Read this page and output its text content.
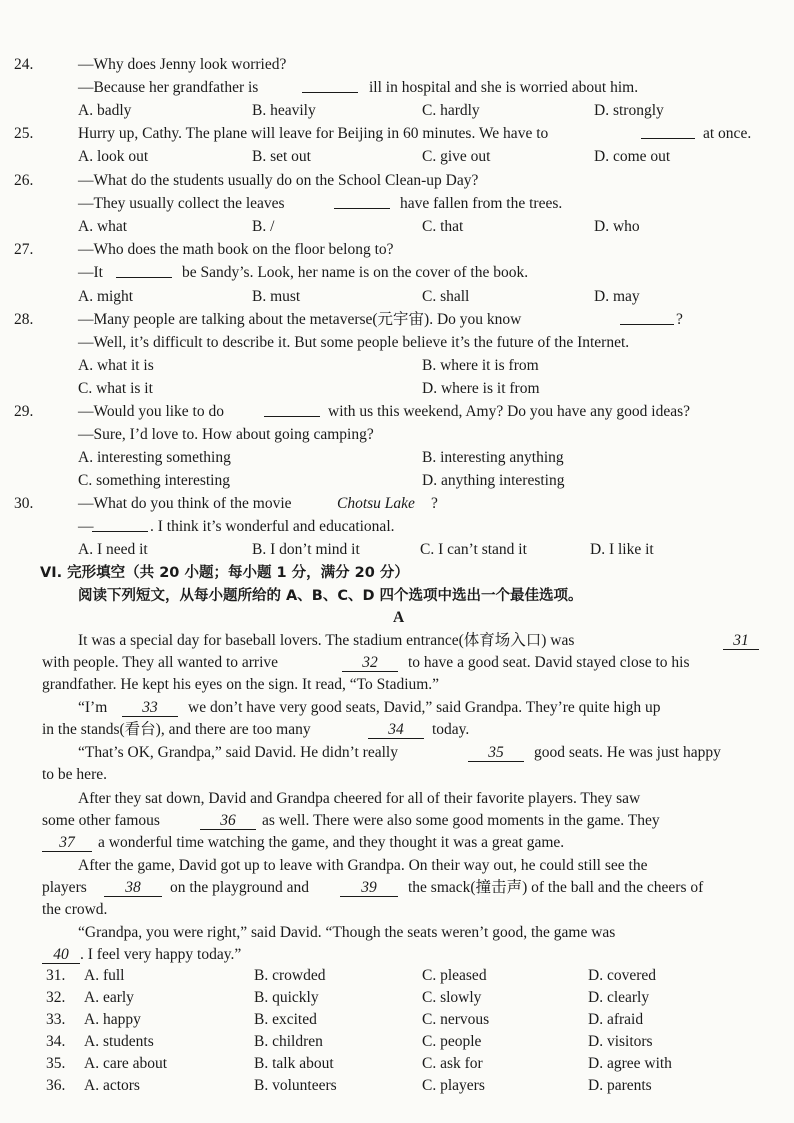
24.	—Why does Jenny look worried?
—Because her grandfather is	ill in hospital and she is worried about him.
A. badly	B. heavily	C. hardly	D. strongly
25.	Hurry up, Cathy. The plane will leave for Beijing in 60 minutes. We have to	at once.
A. look out	B. set out	C. give out	D. come out
26.	—What do the students usually do on the School Clean-up Day?
—They usually collect the leaves	have fallen from the trees.
A. what	B. /	C. that	D. who
27.	—Who does the math book on the floor belong to?
—It	be Sandy’s. Look, her name is on the cover of the book.
A. might	B. must	C. shall	D. may
28.	—Many people are talking about the metaverse(元宇宙). Do you know	?
—Well, it’s difficult to describe it. But some people believe it’s the future of the Internet.
A. what it is	B. where it is from
C. what is it	D. where is it from
29.	—Would you like to do	with us this weekend, Amy? Do you have any good ideas?
—Sure, I’d love to. How about going camping?
A. interesting something	B. interesting anything
C. something interesting	D. anything interesting
30.	—What do you think of the movie	Chotsu Lake ?
—	. I think it’s wonderful and educational.
A. I need it	B. I don’t mind it	C. I can’t stand it	D. I like it
VI. 完形填空（共 20 小题；每小题 1 分，满分 20 分）
阅读下列短文，从每小题所给的 A、B、C、D 四个选项中选出一个最佳选项。
A
It was a special day for baseball lovers. The stadium entrance(体育场入口) was	31
with people. They all wanted to arrive	32	to have a good seat. David stayed close to his
grandfather. He kept his eyes on the sign. It read, “To Stadium.”
“I’m	33	we don’t have very good seats, David,” said Grandpa. They’re quite high up
in the stands(看台), and there are too many	34	today.
“That’s OK, Grandpa,” said David. He didn’t really	35	good seats. He was just happy
to be here.
After they sat down, David and Grandpa cheered for all of their favorite players. They saw
some other famous	36	as well. There were also some good moments in the game. They
37	a wonderful time watching the game, and they thought it was a great game.
After the game, David got up to leave with Grandpa. On their way out, he could still see the
players	38	on the playground and	39	the smack(撞击声) of the ball and the cheers of
the crowd.
“Grandpa, you were right,” said David. “Though the seats weren’t good, the game was
40 . I feel very happy today.”
31. A. full	B. crowded	C. pleased	D. covered
32. A. early	B. quickly	C. slowly	D. clearly
33. A. happy	B. excited	C. nervous	D. afraid
34. A. students	B. children	C. people	D. visitors
35. A. care about	B. talk about	C. ask for	D. agree with
36. A. actors	B. volunteers	C. players	D. parents
